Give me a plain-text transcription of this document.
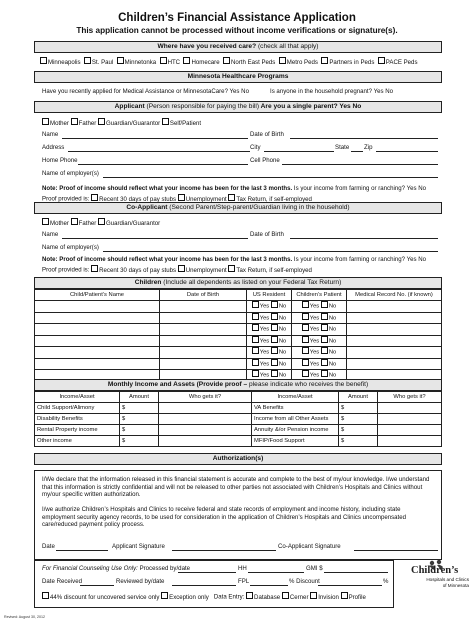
Children’s Financial Assistance Application
This application cannot be processed without income verifications or signature(s).
Where have you received care? (check all that apply)
Minneapolis St. Paul Minnetonka HTC Homecare North East Peds Metro Peds Partners in Peds PACE Peds
Minnesota Healthcare Programs
Have you recently applied for Medical Assistance or MinnesotaCare? Yes No	Is anyone in the household pregnant? Yes No
Applicant (Person responsible for paying the bill) Are you a single parent? Yes No
Mother Father Guardian/Guarantor Self/Patient
Name	Date of Birth
Address	City	State Zip
Home Phone	Cell Phone
Name of employer(s)
Note: Proof of income should reflect what your income has been for the last 3 months. Is your income from farming or ranching? Yes No
Proof provided is: Recent 30 days of pay stubs Unemployment Tax Return, if self-employed
Co-Applicant (Second Parent/Step-parent/Guardian living in the household)
Mother Father Guardian/Guarantor
Name	Date of Birth
Name of employer(s)
Note: Proof of income should reflect what your income has been for the last 3 months. Is your income from farming or ranching? Yes No
Proof provided is: Recent 30 days of pay stubs Unemployment Tax Return, if self-employed
Children (Include all dependents as listed on your Federal Tax Return)
Child/Patient’s Name	Date of Birth	US Resident	Children’s Patient	Medical Record No. (if known)
		Yes No	Yes No	
		Yes No	Yes No	
		Yes No	Yes No	
		Yes No	Yes No	
		Yes No	Yes No	
		Yes No	Yes No	
		Yes No	Yes No	
Monthly Income and Assets (Provide proof – please indicate who receives the benefit)
Income/Asset	Amount	Who gets it?	Income/Asset	Amount	Who gets it?
Child Support/Alimony	$		VA Benefits	$	
Disability Benefits	$		Income from all Other Assets	$	
Rental Property income	$		Annuity &/or Pension income	$	
Other income	$		MFIP/Food Support	$	
Authorization(s)
I/We declare that the information released in this financial statement is accurate and complete to the best of my/our knowledge. I/we understand that this information is strictly confidential and will not be released to other parties not associated with Children’s Hospitals and Clinics without my/our specific written authorization.
I/we authorize Children’s Hospitals and Clinics to receive federal and state records of employment and income history, including state employment security agency records, to be used for consideration in the application of Children’s Hospitals and Clinics uncompensated care/reduced payment policy process.
Date	Applicant Signature	Co-Applicant Signature
For Financial Counseling Use Only: Processed by/date	HH	GMI $
Date Received	Reviewed by/date	FPL	% Discount	%
44% discount for uncovered service only Exception only Data Entry: Database Cerner Invision Profile
Children’s
Hospitals and Clinics
of Minnesota
Revised: August 30, 2012
